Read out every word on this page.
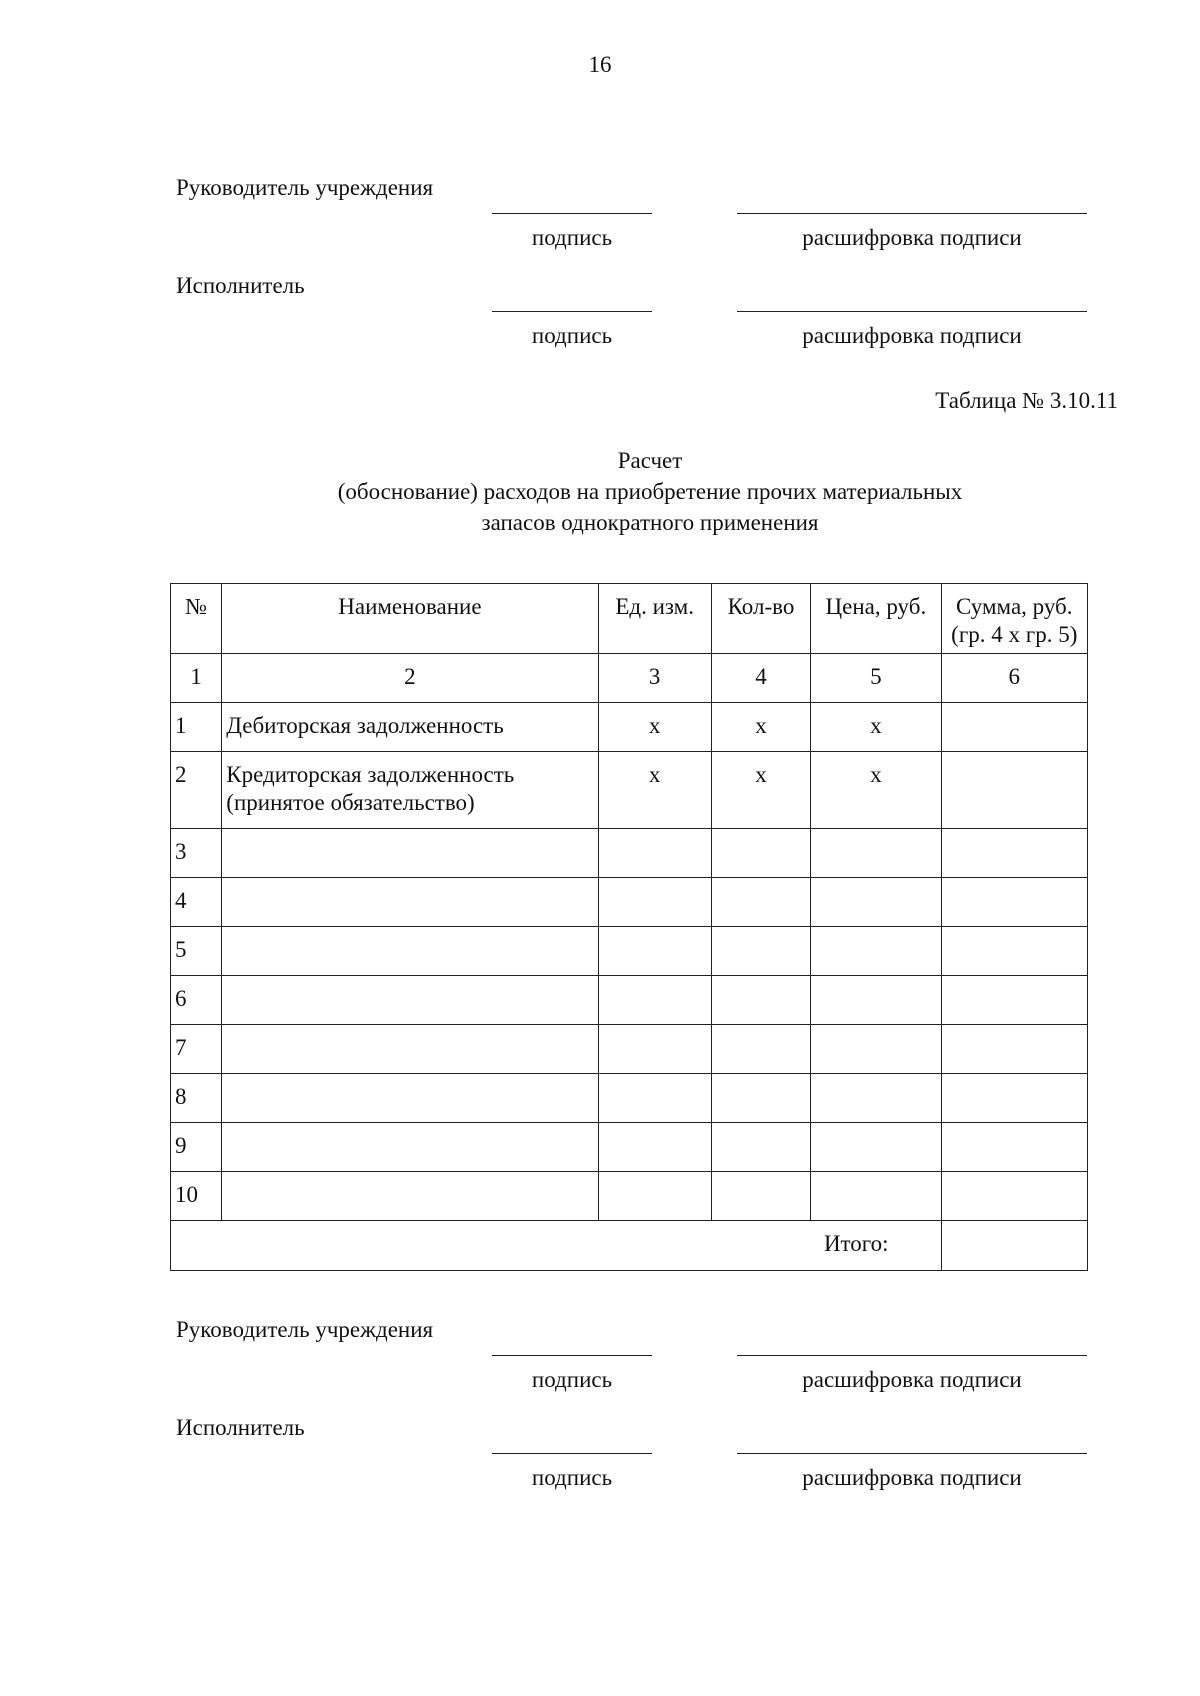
16
Руководитель учреждения
подпись	расшифровка подписи
Исполнитель
подпись	расшифровка подписи
Таблица № 3.10.11
Расчет
(обоснование) расходов на приобретение прочих материальных
запасов однократного применения
№	Наименование	Ед. изм.	Кол-во	Цена, руб.	Сумма, руб.
(гр. 4 х гр. 5)

1	2	3	4	5	6
1	Дебиторская задолженность	х	х	х	
2	Кредиторская задолженность
(принятое обязательство)	х	х	х	
3					
4					
5					
6					
7					
8					
9					
10					
Итого:					
Руководитель учреждения
подпись	расшифровка подписи
Исполнитель
подпись	расшифровка подписи
